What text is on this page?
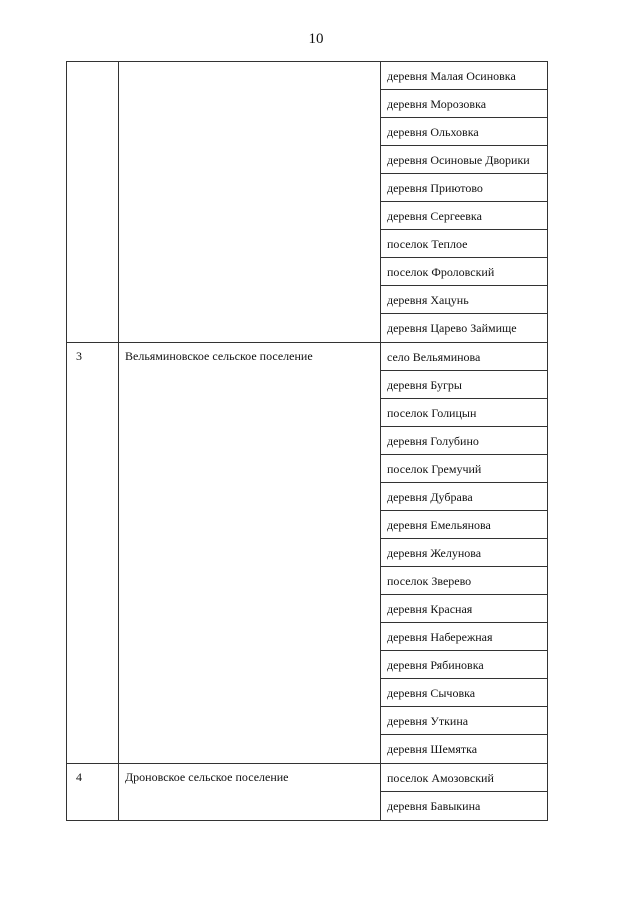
10
деревня Малая Осиновка
деревня Морозовка
деревня Ольховка
деревня Осиновые Дворики
деревня Приютово
деревня Сергеевка
поселок Теплое
поселок Фроловский
деревня Хацунь
деревня Царево Займище
3	Вельяминовское сельское поселение	село Вельяминова
деревня Бугры
поселок Голицын
деревня Голубино
поселок Гремучий
деревня Дубрава
деревня Емельянова
деревня Желунова
поселок Зверево
деревня Красная
деревня Набережная
деревня Рябиновка
деревня Сычовка
деревня Уткина
деревня Шемятка
4	Дроновское сельское поселение	поселок Амозовский
деревня Бавыкина
